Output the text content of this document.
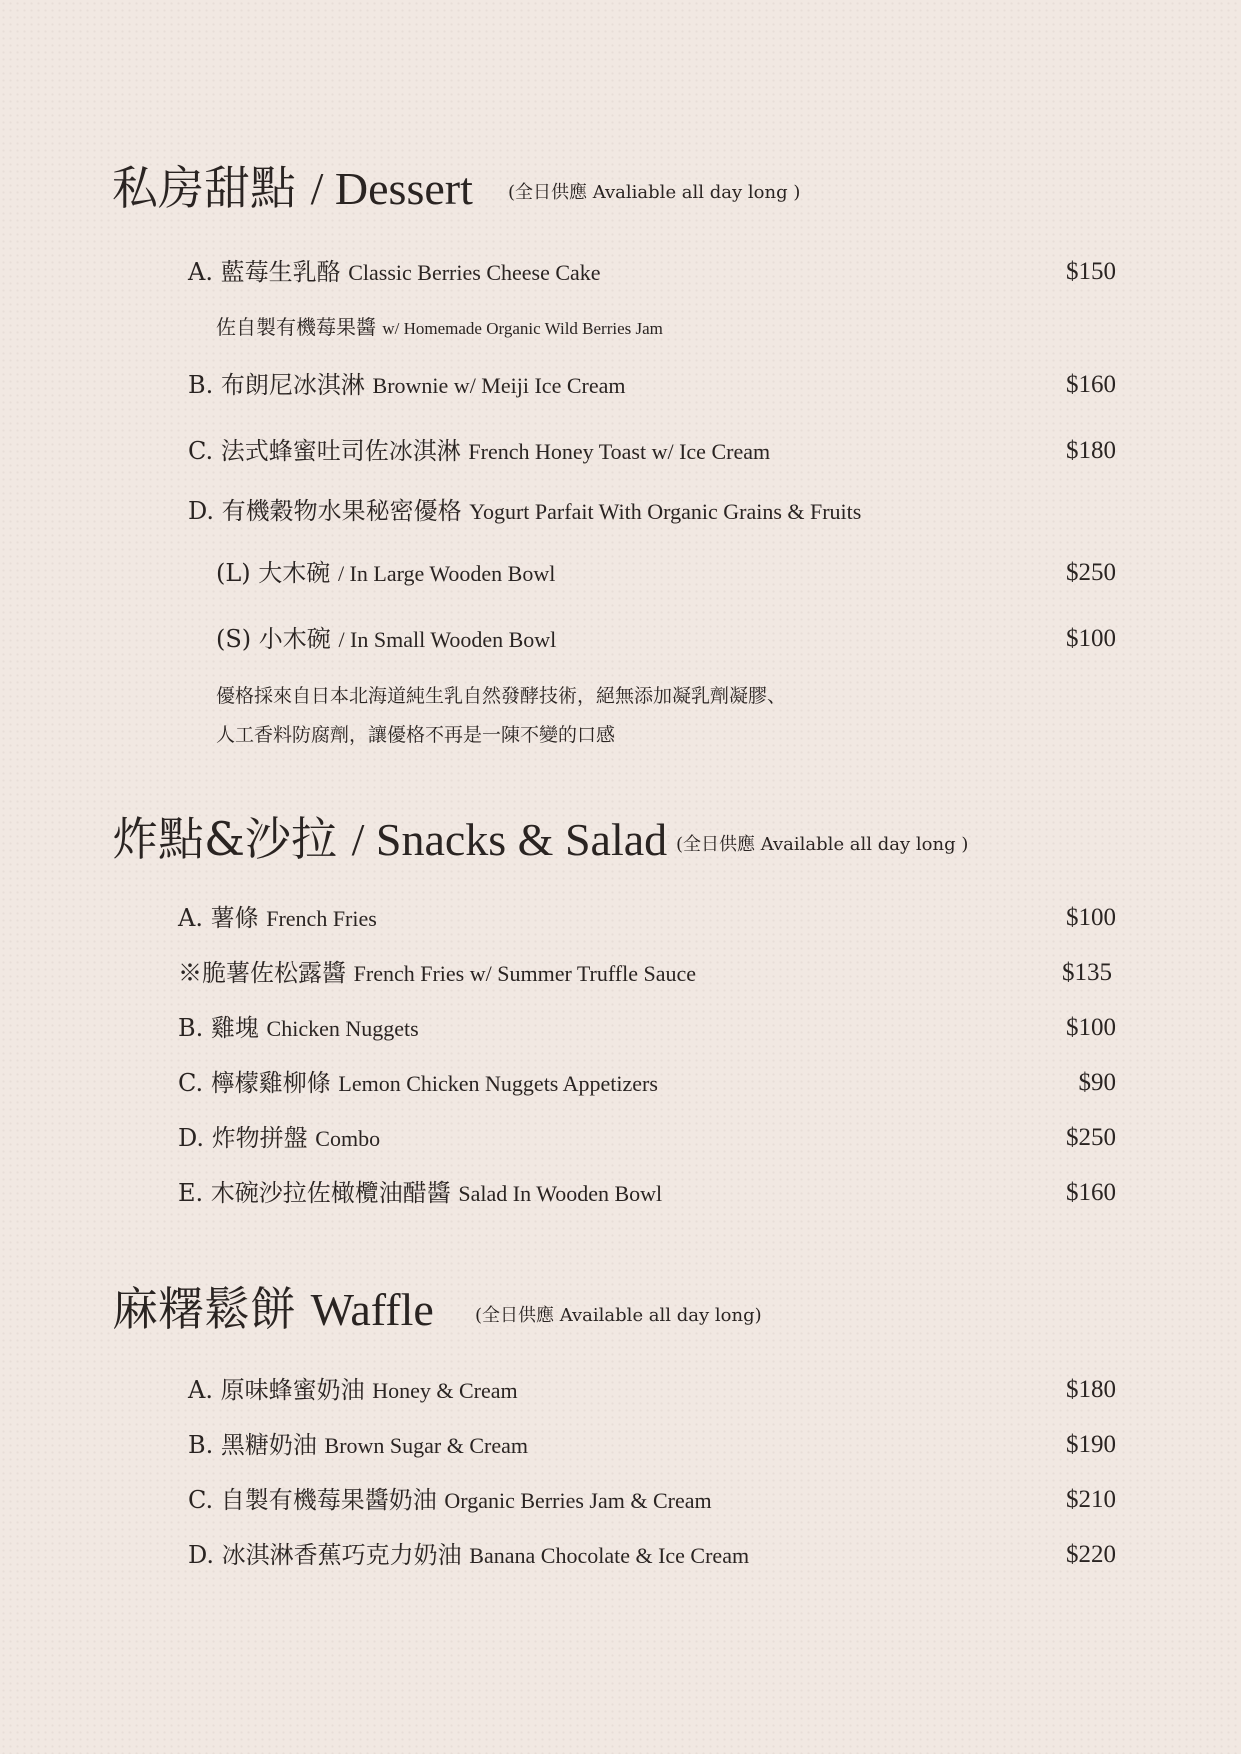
私房甜點 / Dessert (全日供應 Avaliable all day long )
A. 藍莓生乳酪 Classic Berries Cheese Cake	$150
佐自製有機莓果醬 w/ Homemade Organic Wild Berries Jam
B. 布朗尼冰淇淋 Brownie w/ Meiji Ice Cream	$160
C. 法式蜂蜜吐司佐冰淇淋 French Honey Toast w/ Ice Cream	$180
D. 有機穀物水果秘密優格 Yogurt Parfait With Organic Grains & Fruits
(L) 大木碗 / In Large Wooden Bowl	$250
(S) 小木碗 / In Small Wooden Bowl	$100
優格採來自日本北海道純生乳自然發酵技術，絕無添加凝乳劑凝膠、
人工香料防腐劑，讓優格不再是一陳不變的口感
炸點&沙拉 / Snacks & Salad (全日供應 Available all day long )
A. 薯條 French Fries	$100
※脆薯佐松露醬 French Fries w/ Summer Truffle Sauce	$135
B. 雞塊 Chicken Nuggets	$100
C. 檸檬雞柳條 Lemon Chicken Nuggets Appetizers	$90
D. 炸物拼盤 Combo	$250
E. 木碗沙拉佐橄欖油醋醬 Salad In Wooden Bowl	$160
麻糬鬆餅 Waffle (全日供應 Available all day long)
A. 原味蜂蜜奶油 Honey & Cream	$180
B. 黑糖奶油 Brown Sugar & Cream	$190
C. 自製有機莓果醬奶油 Organic Berries Jam & Cream	$210
D. 冰淇淋香蕉巧克力奶油 Banana Chocolate & Ice Cream	$220
